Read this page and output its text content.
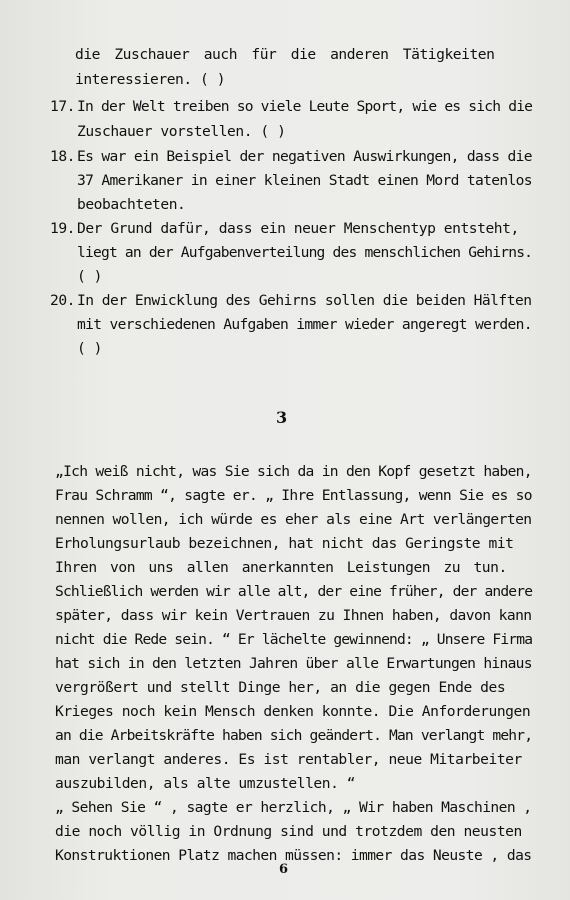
die Zuschauer auch für die anderen Tätigkeiten
interessieren. ( )
17. In der Welt treiben so viele Leute Sport, wie es sich die
Zuschauer vorstellen. ( )
18. Es war ein Beispiel der negativen Auswirkungen, dass die
37 Amerikaner in einer kleinen Stadt einen Mord tatenlos
beobachteten.
19. Der Grund dafür, dass ein neuer Menschentyp entsteht,
liegt an der Aufgabenverteilung des menschlichen Gehirns.
( )
20. In der Enwicklung des Gehirns sollen die beiden Hälften
mit verschiedenen Aufgaben immer wieder angeregt werden.
( )
3
„Ich weiß nicht, was Sie sich da in den Kopf gesetzt haben,
Frau Schramm “, sagte er. „ Ihre Entlassung, wenn Sie es so
nennen wollen, ich würde es eher als eine Art verlängerten
Erholungsurlaub bezeichnen, hat nicht das Geringste mit
Ihren von uns allen anerkannten Leistungen zu tun.
Schließlich werden wir alle alt, der eine früher, der andere
später, dass wir kein Vertrauen zu Ihnen haben, davon kann
nicht die Rede sein. “ Er lächelte gewinnend: „ Unsere Firma
hat sich in den letzten Jahren über alle Erwartungen hinaus
vergrößert und stellt Dinge her, an die gegen Ende des
Krieges noch kein Mensch denken konnte. Die Anforderungen
an die Arbeitskräfte haben sich geändert. Man verlangt mehr,
man verlangt anderes. Es ist rentabler, neue Mitarbeiter
auszubilden, als alte umzustellen. “
„ Sehen Sie “ , sagte er herzlich, „ Wir haben Maschinen ,
die noch völlig in Ordnung sind und trotzdem den neusten
Konstruktionen Platz machen müssen: immer das Neuste , das
6
